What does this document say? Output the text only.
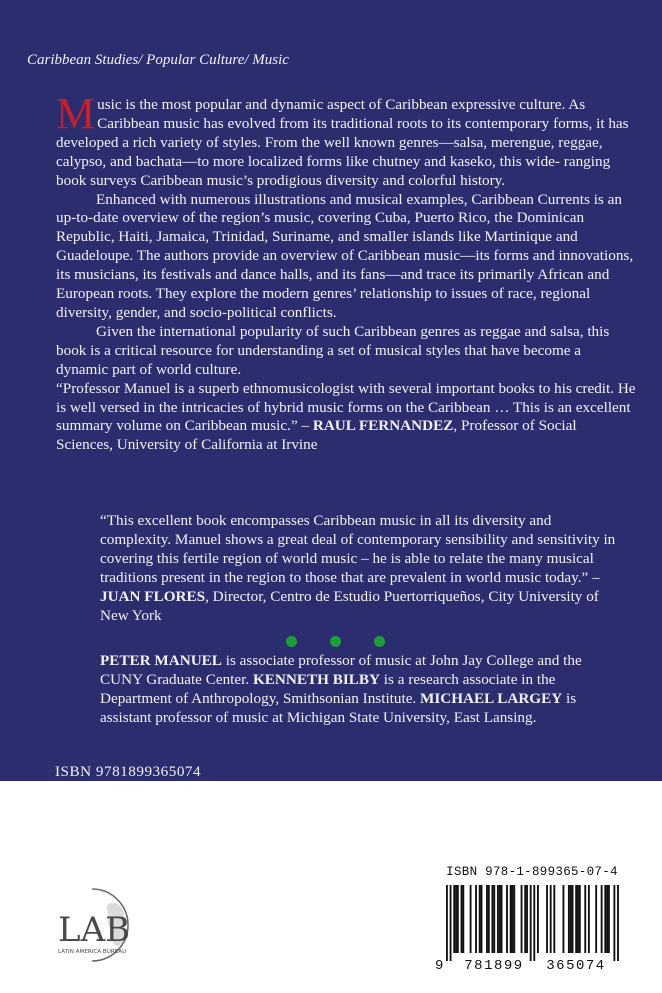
Caribbean Studies/ Popular Culture/ Music

Music is the most popular and dynamic aspect of Caribbean expressive culture. As Caribbean music has evolved from its traditional roots to its contemporary forms, it has developed a rich variety of styles. From the well known genres—salsa, merengue, reggae, calypso, and bachata—to more localized forms like chutney and kaseko, this wide- ranging book surveys Caribbean music’s prodigious diversity and colorful history.

Enhanced with numerous illustrations and musical examples, Caribbean Currents is an up-to-date overview of the region’s music, covering Cuba, Puerto Rico, the Dominican Republic, Haiti, Jamaica, Trinidad, Suriname, and smaller islands like Martinique and Guadeloupe. The authors provide an overview of Caribbean music—its forms and innovations, its musicians, its festivals and dance halls, and its fans—and trace its primarily African and European roots. They explore the modern genres’ relationship to issues of race, regional diversity, gender, and socio-political conflicts.

Given the international popularity of such Caribbean genres as reggae and salsa, this book is a critical resource for understanding a set of musical styles that have become a dynamic part of world culture.

“Professor Manuel is a superb ethnomusicologist with several important books to his credit. He is well versed in the intricacies of hybrid music forms on the Caribbean … This is an excellent summary volume on Caribbean music.” – RAUL FERNANDEZ, Professor of Social Sciences, University of California at Irvine

“This excellent book encompasses Caribbean music in all its diversity and complexity. Manuel shows a great deal of contemporary sensibility and sensitivity in covering this fertile region of world music – he is able to relate the many musical traditions present in the region to those that are prevalent in world music today.” – JUAN FLORES, Director, Centro de Estudio Puertorriqueños, City University of New York

PETER MANUEL is associate professor of music at John Jay College and the CUNY Graduate Center. KENNETH BILBY is a research associate in the Department of Anthropology, Smithsonian Institute. MICHAEL LARGEY is assistant professor of music at Michigan State University, East Lansing.

ISBN 9781899365074
LAB
LATIN AMERICA BUREAU
ISBN 978-1-899365-07-4
9 781899 365074
